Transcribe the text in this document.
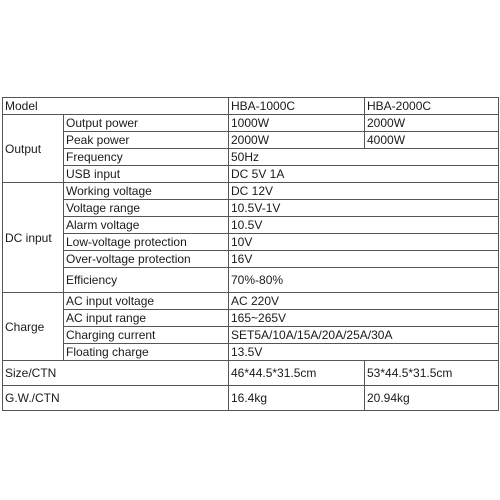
Model		HBA-1000C	HBA-2000C
Output	Output power	1000W	2000W
	Peak power	2000W	4000W
	Frequency	50Hz	
	USB input	DC 5V 1A	
DC input	Working voltage	DC 12V	
	Voltage range	10.5V-1V	
	Alarm voltage	10.5V	
	Low-voltage protection	10V	
	Over-voltage protection	16V	
	Efficiency	70%-80%	
Charge	AC input voltage	AC 220V	
	AC input range	165~265V	
	Charging current	SET5A/10A/15A/20A/25A/30A	
	Floating charge	13.5V	
Size/CTN		46*44.5*31.5cm	53*44.5*31.5cm
G.W./CTN		16.4kg	20.94kg
